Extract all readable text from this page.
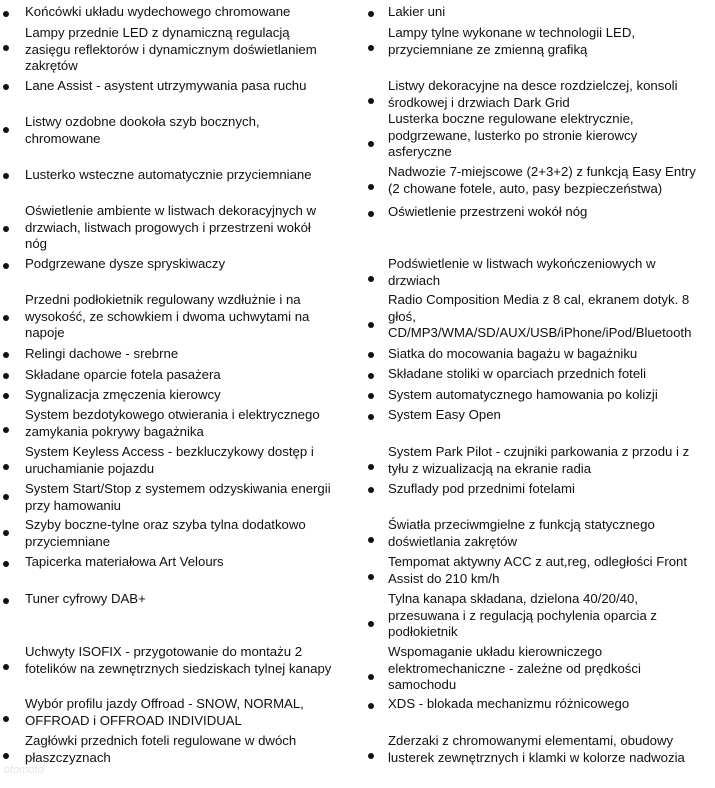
Końcówki układu wydechowego chromowane
Lampy przednie LED z dynamiczną regulacją
zasięgu reflektorów i dynamicznym doświetlaniem
zakrętów
Lane Assist - asystent utrzymywania pasa ruchu
Listwy ozdobne dookoła szyb bocznych,
chromowane
Lusterko wsteczne automatycznie przyciemniane
Oświetlenie ambiente w listwach dekoracyjnych w
drzwiach, listwach progowych i przestrzeni wokół
nóg
Podgrzewane dysze spryskiwaczy
Przedni podłokietnik regulowany wzdłużnie i na
wysokość, ze schowkiem i dwoma uchwytami na
napoje
Relingi dachowe - srebrne
Składane oparcie fotela pasażera
Sygnalizacja zmęczenia kierowcy
System bezdotykowego otwierania i elektrycznego
zamykania pokrywy bagażnika
System Keyless Access - bezkluczykowy dostęp i
uruchamianie pojazdu
System Start/Stop z systemem odzyskiwania energii
przy hamowaniu
Szyby boczne-tylne oraz szyba tylna dodatkowo
przyciemniane
Tapicerka materiałowa Art Velours
Tuner cyfrowy DAB+
Uchwyty ISOFIX - przygotowanie do montażu 2
fotelików na zewnętrznych siedziskach tylnej kanapy
Wybór profilu jazdy Offroad - SNOW, NORMAL,
OFFROAD i OFFROAD INDIVIDUAL
Zagłówki przednich foteli regulowane w dwóch
płaszczyznach
Lakier uni
Lampy tylne wykonane w technologii LED,
przyciemniane ze zmienną grafiką
Listwy dekoracyjne na desce rozdzielczej, konsoli
środkowej i drzwiach Dark Grid
Lusterka boczne regulowane elektrycznie,
podgrzewane, lusterko po stronie kierowcy
asferyczne
Nadwozie 7-miejscowe (2+3+2) z funkcją Easy Entry
(2 chowane fotele, auto, pasy bezpieczeństwa)
Oświetlenie przestrzeni wokół nóg
Podświetlenie w listwach wykończeniowych w
drzwiach
Radio Composition Media z 8 cal, ekranem dotyk. 8
głoś,
CD/MP3/WMA/SD/AUX/USB/iPhone/iPod/Bluetooth
Siatka do mocowania bagażu w bagażniku
Składane stoliki w oparciach przednich foteli
System automatycznego hamowania po kolizji
System Easy Open
System Park Pilot - czujniki parkowania z przodu i z
tyłu z wizualizacją na ekranie radia
Szuflady pod przednimi fotelami
Światła przeciwmgielne z funkcją statycznego
doświetlania zakrętów
Tempomat aktywny ACC z aut,reg, odległości Front
Assist do 210 km/h
Tylna kanapa składana, dzielona 40/20/40,
przesuwana i z regulacją pochylenia oparcia z
podłokietnik
Wspomaganie układu kierowniczego
elektromechaniczne - zależne od prędkości
samochodu
XDS - blokada mechanizmu różnicowego
Zderzaki z chromowanymi elementami, obudowy
lusterek zewnętrznych i klamki w kolorze nadwozia
otomoto
